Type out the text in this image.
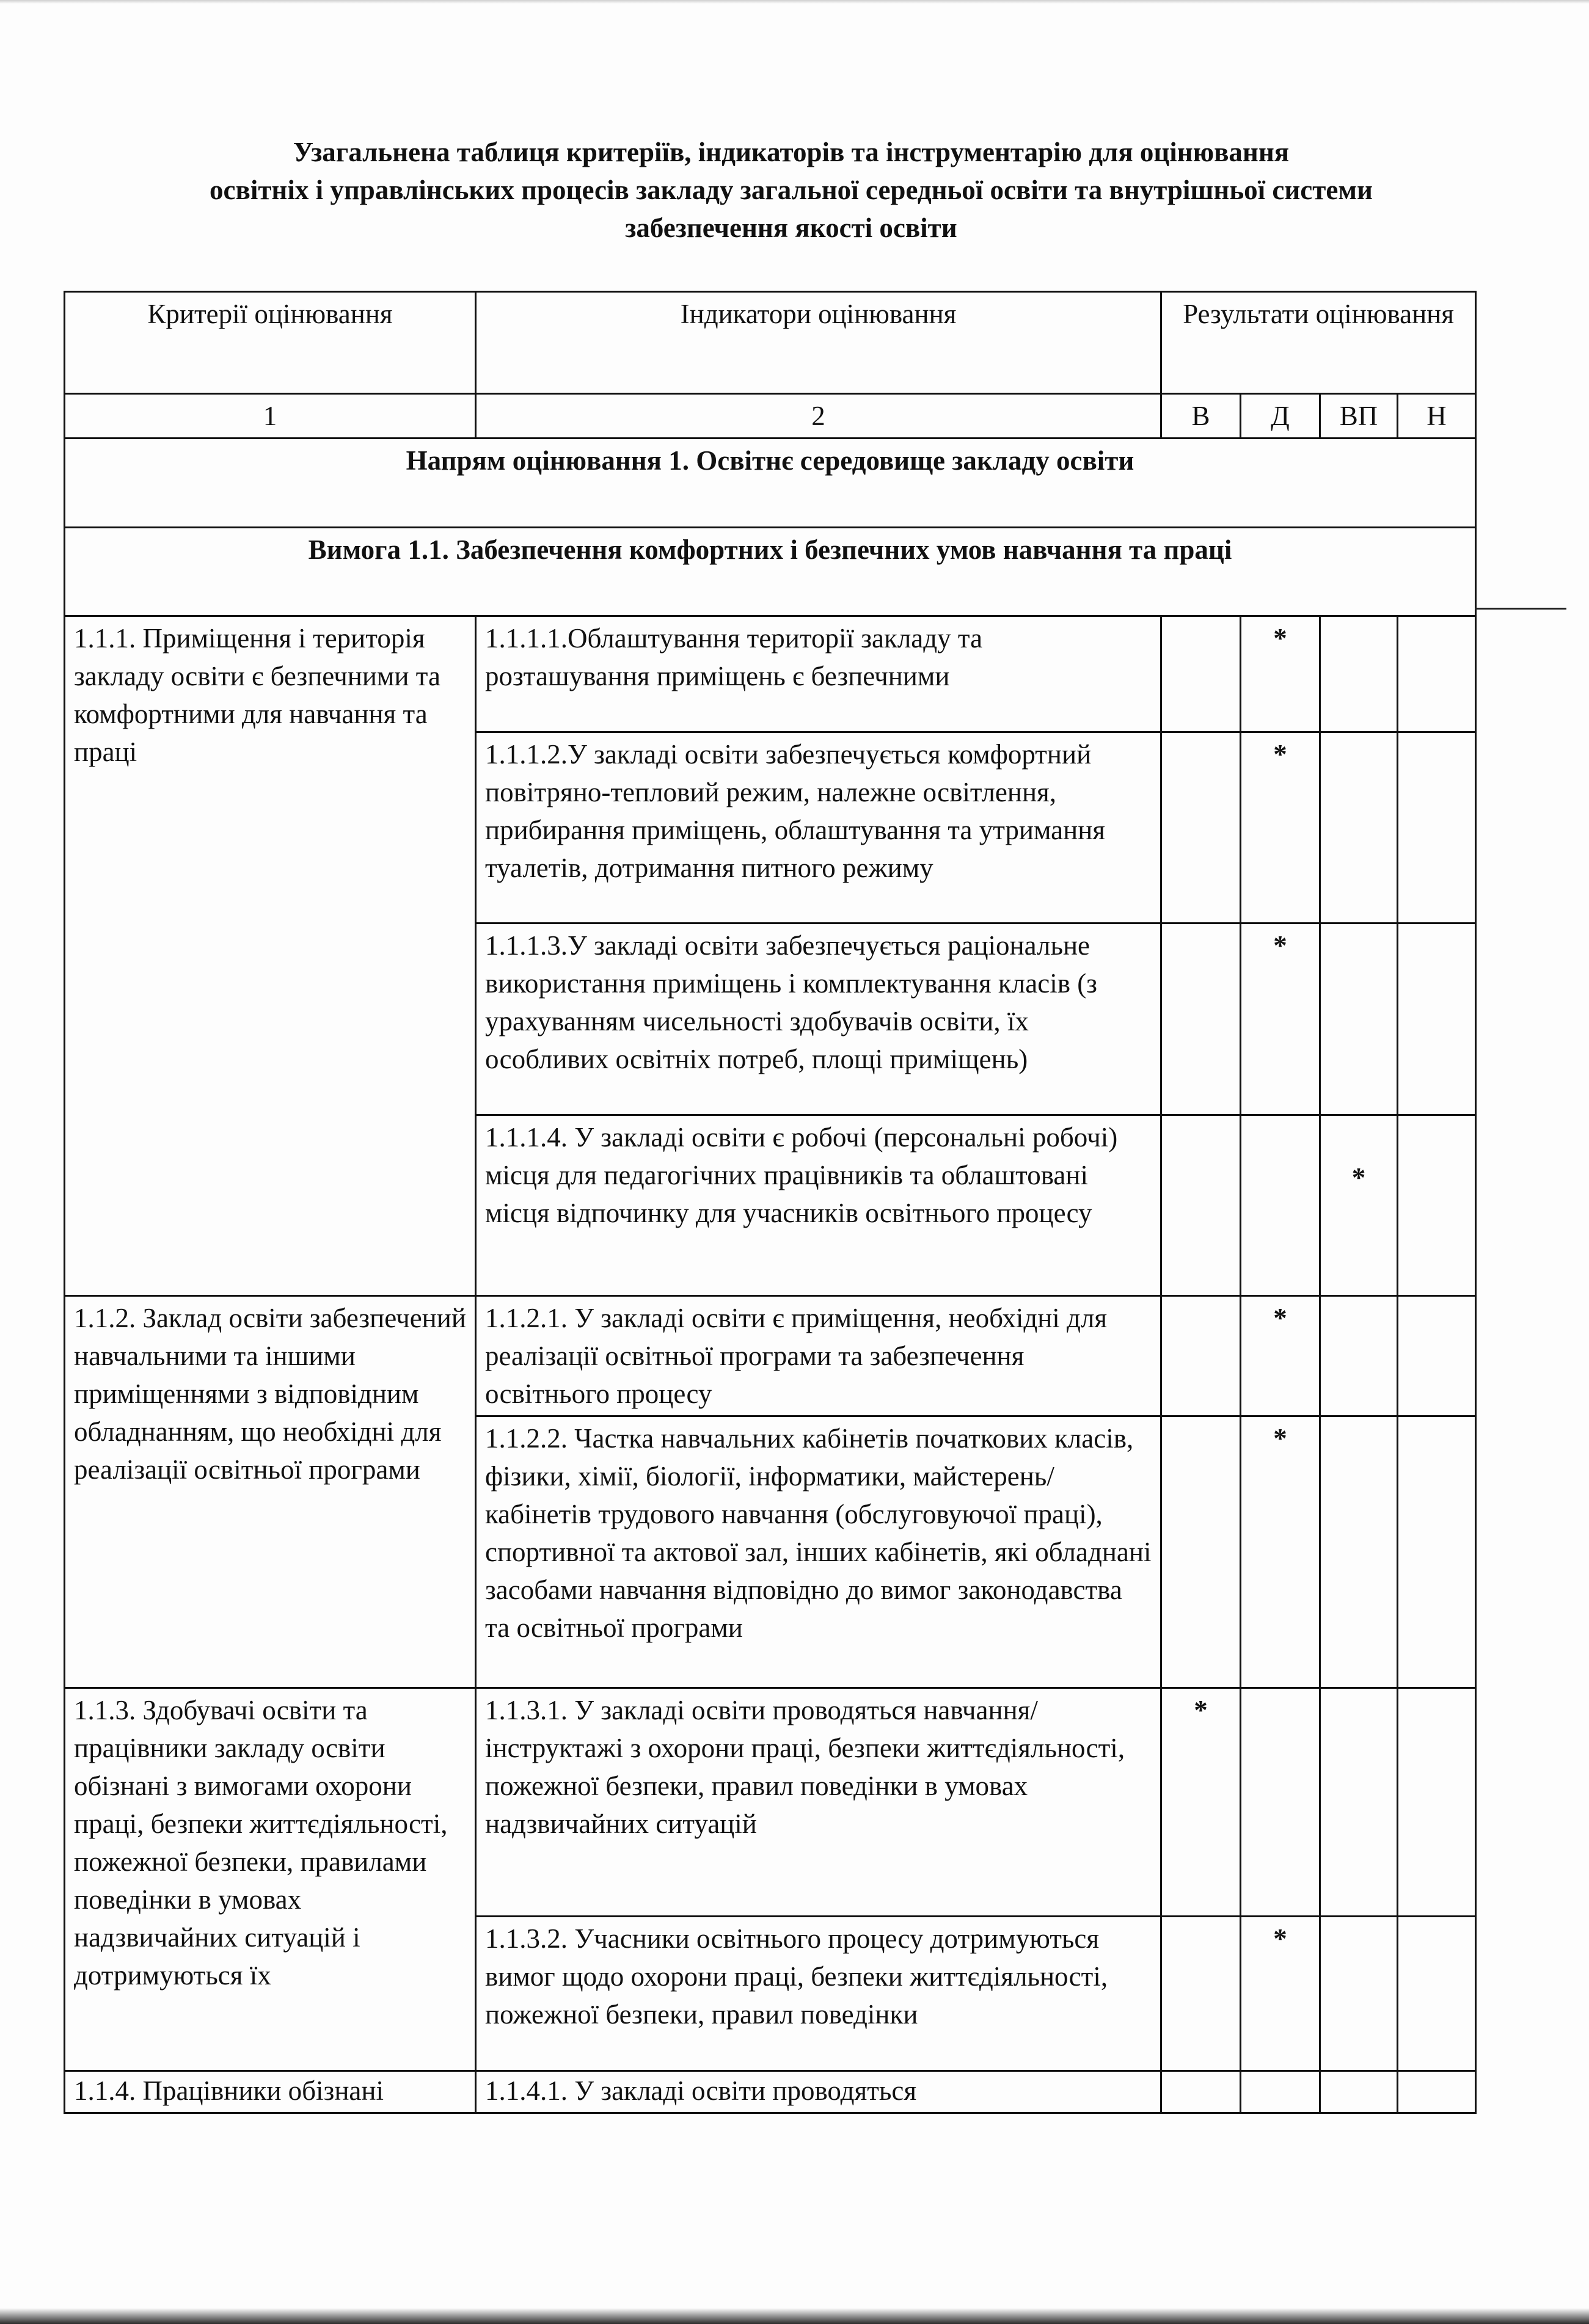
Узагальнена таблиця критеріїв, індикаторів та інструментарію для оцінювання
освітніх і управлінських процесів закладу загальної середньої освіти та внутрішньої системи
забезпечення якості освіти
Критерії оцінювання	Індикатори оцінювання	Результати оцінювання			
1	2	В	Д	ВП	Н
Напрям оцінювання 1. Освітнє середовище закладу освіти					
Вимога 1.1. Забезпечення комфортних і безпечних умов навчання та праці					
1.1.1. Приміщення і територія закладу освіти є безпечними та комфортними для навчання та праці	1.1.1.1.Облаштування території закладу та розташування приміщень є безпечними		*		
	1.1.1.2.У закладі освіти забезпечується комфортний повітряно-тепловий режим, належне освітлення, прибирання приміщень, облаштування та утримання туалетів, дотримання питного режиму		*		
	1.1.1.3.У закладі освіти забезпечується раціональне використання приміщень і комплектування класів (з урахуванням чисельності здобувачів освіти, їх особливих освітніх потреб, площі приміщень)		*		
	1.1.1.4. У закладі освіти є робочі (персональні робочі) місця для педагогічних працівників та облаштовані місця відпочинку для учасників освітнього процесу			*	
1.1.2. Заклад освіти забезпечений навчальними та іншими приміщеннями з відповідним обладнанням, що необхідні для реалізації освітньої програми	1.1.2.1. У закладі освіти є приміщення, необхідні для реалізації освітньої програми та забезпечення освітнього процесу		*		
	1.1.2.2. Частка навчальних кабінетів початкових класів, фізики, хімії, біології, інформатики, майстерень/кабінетів трудового навчання (обслуговуючої праці), спортивної та актової зал, інших кабінетів, які обладнані засобами навчання відповідно до вимог законодавства та освітньої програми		*		
1.1.3. Здобувачі освіти та працівники закладу освіти обізнані з вимогами охорони праці, безпеки життєдіяльності, пожежної безпеки, правилами поведінки в умовах надзвичайних ситуацій і дотримуються їх	1.1.3.1. У закладі освіти проводяться навчання/інструктажі з охорони праці, безпеки життєдіяльності, пожежної безпеки, правил поведінки в умовах надзвичайних ситуацій	*			
	1.1.3.2. Учасники освітнього процесу дотримуються вимог щодо охорони праці, безпеки життєдіяльності, пожежної безпеки, правил поведінки		*		
1.1.4. Працівники обізнані	1.1.4.1. У закладі освіти проводяться				
